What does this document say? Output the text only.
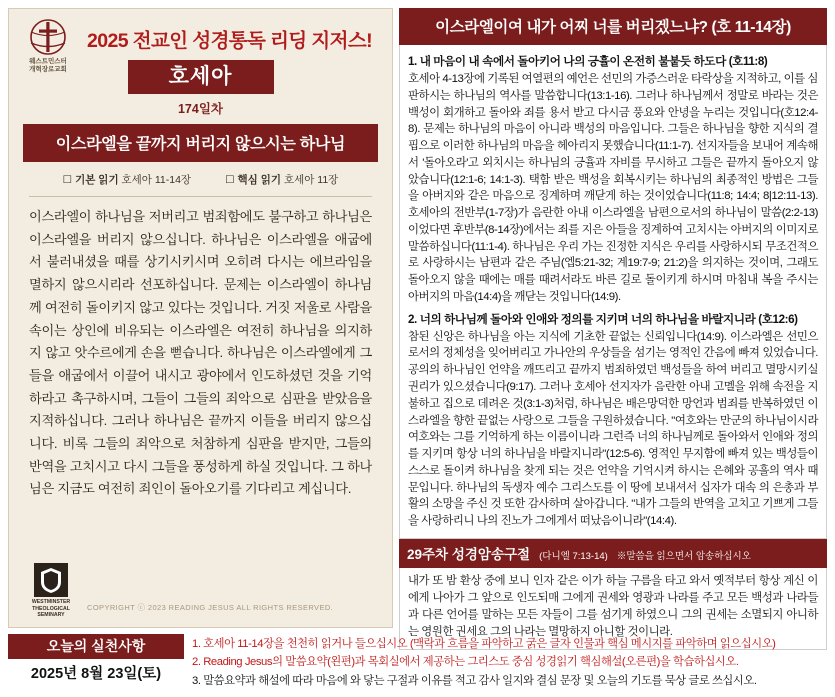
웨스트민스터
개혁장로교회
2025 전교인 성경통독 리딩 지저스!
호세아
174일차
이스라엘을 끝까지 버리지 않으시는 하나님
☐ 기본 읽기 호세아 11-14장	☐ 핵심 읽기 호세아 11장
이스라엘이 하나님을 저버리고 범죄함에도 불구하고 하나님은 이스라엘을 버리지 않으십니다. 하나님은 이스라엘을 애굽에서 불러내셨을 때를 상기시키시며 오히려 다시는 에브라임을 멸하지 않으시리라 선포하십니다. 문제는 이스라엘이 하나님께 여전히 돌이키지 않고 있다는 것입니다. 거짓 저울로 사람을 속이는 상인에 비유되는 이스라엘은 여전히 하나님을 의지하지 않고 앗수르에게 손을 뻗습니다. 하나님은 이스라엘에게 그들을 애굽에서 이끌어 내시고 광야에서 인도하셨던 것을 기억하라고 촉구하시며, 그들이 그들의 죄악으로 심판을 받았음을 지적하십니다. 그러나 하나님은 끝까지 이들을 버리지 않으십니다. 비록 그들의 죄악으로 처참하게 심판을 받지만, 그들의 반역을 고치시고 다시 그들을 풍성하게 하실 것입니다. 그 하나님은 지금도 여전히 죄인이 돌아오기를 기다리고 계십니다.
WESTMINSTER
THEOLOGICAL
SEMINARY
COPYRIGHT ⓒ 2023 READING JESUS ALL RIGHTS RESERVED.
이스라엘이여 내가 어찌 너를 버리겠느냐? (호 11-14장)
1. 내 마음이 내 속에서 돌아키어 나의 긍휼이 온전히 불붙듯 하도다 (호11:8)
호세아 4-13장에 기록된 여열편의 예언은 선민의 가증스러운 타락상을 지적하고, 이를 심판하시는 하나님의 역사를 말씀합니다(13:1-16). 그러나 하나님께서 정말로 바라는 것은 백성이 회개하고 돌아와 죄를 용서 받고 다시금 풍요와 안녕을 누리는 것입니다(호12:4-8). 문제는 하나님의 마음이 아니라 백성의 마음입니다. 그들은 하나님을 향한 지식의 결핍으로 이러한 하나님의 마음을 헤아리지 못했습니다(11:1-7). 선지자들을 보내어 계속해서 '돌아오라'고 외치시는 하나님의 긍휼과 자비를 무시하고 그들은 끝까지 돌아오지 않았습니다(12:1-6; 14:1-3). 택함 받은 백성을 회복시키는 하나님의 최종적인 방법은 그들을 아버지와 같은 마음으로 징계하며 깨닫게 하는 것이었습니다(11:8; 14:4; 8|12:11-13). 호세아의 전반부(1-7장)가 음란한 아내 이스라엘을 남편으로서의 하나님이 말씀(2:2-13)이었다면 후반부(8-14장)에서는 죄를 지은 아들을 징계하여 고치시는 아버지의 이미지로 말씀하십니다(11:1-4). 하나님은 우리 가는 진정한 지식은 우리를 사랑하시되 무조건적으로 사랑하시는 남편과 같은 주님(엡5:21-32; 계19:7-9; 21:2)을 의지하는 것이며, 그래도 돌아오지 않을 때에는 매를 때려서라도 바른 길로 돌이키게 하시며 마침내 복을 주시는 아버지의 마음(14:4)을 깨닫는 것입니다(14:9).
2. 너의 하나님께 돌아와 인애와 정의를 지키며 너의 하나님을 바랄지니라 (호12:6)
참된 신앙은 하나님을 아는 지식에 기초한 끝없는 신뢰입니다(14:9). 이스라엘은 선민으로서의 정체성을 잊어버리고 가나안의 우상들을 섬기는 영적인 간음에 빠져 있었습니다. 공의의 하나님인 언약을 깨뜨리고 끝까지 범죄하였던 백성들을 하여 버리고 멸망시키실 권리가 있으셨습니다(9:17). 그러나 호세아 선지자가 음란한 아내 고멜을 위해 속전을 지불하고 집으로 데려온 것(3:1-3)처럼, 하나님은 배은망덕한 망언과 범죄를 반복하였던 이스라엘을 향한 끝없는 사랑으로 그들을 구원하셨습니다. "여호와는 만군의 하나님이시라 여호와는 그를 기억하게 하는 이름이니라 그런즉 너의 하나님께로 돌아와서 인애와 정의를 지키며 항상 너의 하나님을 바랄지니라"(12:5-6). 영적인 무지함에 빠져 있는 백성들이 스스로 돌이켜 하나님을 찾게 되는 것은 언약을 기억시켜 하시는 은혜와 공흘의 역사 때문입니다. 하나님의 독생자 예수 그리스도를 이 땅에 보내셔서 십자가 대속 의 은총과 부활의 소망을 주신 것 또한 감사하며 살아갑니다. "내가 그들의 반역을 고치고 기쁘게 그들을 사랑하리니 나의 진노가 그에게서 떠났음이니라"(14:4).
29주차 성경암송구절 (다니엘 7:13-14) ※말씀을 읽으면서 암송하십시오
내가 또 밤 환상 중에 보니 인자 같은 이가 하늘 구름을 타고 와서 옛적부터 항상 계신 이에게 나아가 그 앞으로 인도되매 그에게 권세와 영광과 나라를 주고 모든 백성과 나라들과 다른 언어를 말하는 모든 자들이 그를 섬기게 하였으니 그의 권세는 소멸되지 아니하는 영원한 권세요 그의 나라는 멸망하지 아니할 것이니라.
오늘의 실천사항
2025년 8월 23일(토)
1. 호세아 11-14장을 천천히 읽거나 들으십시오 (맥락과 흐름을 파악하고 굵은 글자 인물과 핵심 메시지를 파악하며 읽으십시오)
2. Reading Jesus의 말씀요약(왼편)과 목회실에서 제공하는 그리스도 중심 성경읽기 핵심해설(오른편)을 학습하십시오.
3. 말씀요약과 해설에 따라 마음에 와 닿는 구절과 이유를 적고 감사 일지와 결심 문장 및 오늘의 기도를 묵상 글로 쓰십시오.
